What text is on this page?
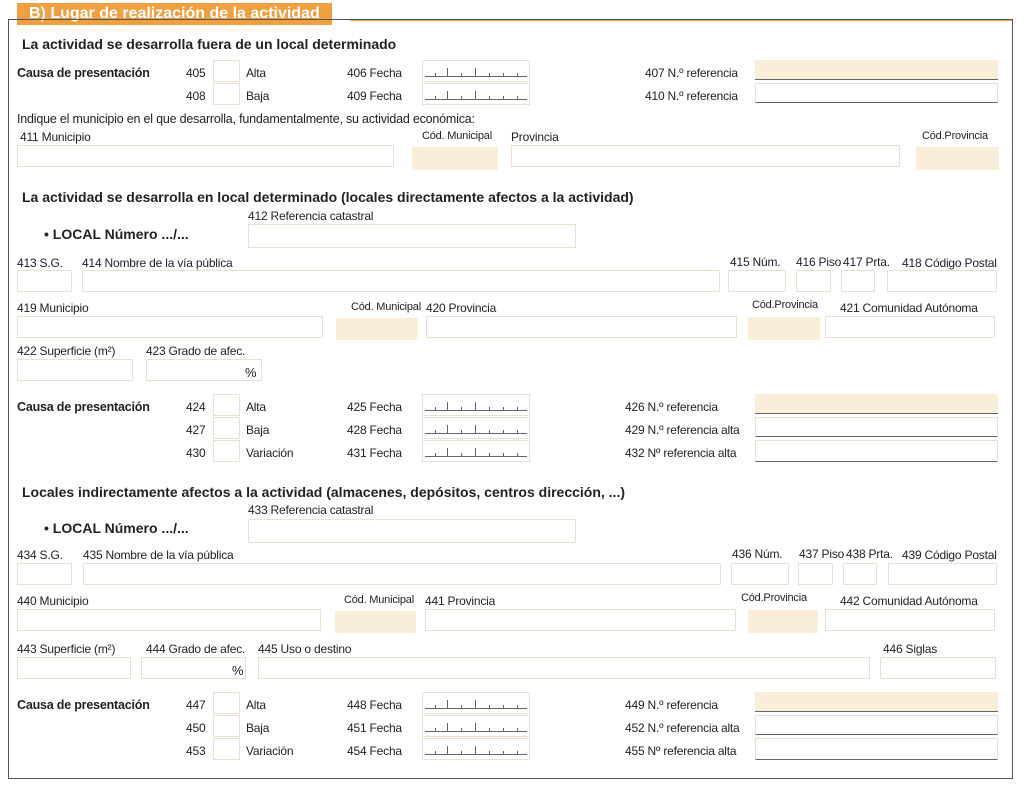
B) Lugar de realización de la actividad
La actividad se desarrolla fuera de un local determinado
Causa de presentación	405	Alta	406 Fecha	407 N.º referencia
408	Baja	409 Fecha	410 N.º referencia
Indique el municipio en el que desarrolla, fundamentalmente, su actividad económica:
411 Municipio	Cód. Municipal Provincia	Cód.Provincia
La actividad se desarrolla en local determinado (locales directamente afectos a la actividad)
• LOCAL Número .../...
412 Referencia catastral
413 S.G. 414 Nombre de la vía pública	415 Núm. 416 Piso 417 Prta. 418 Código Postal
419 Municipio	Cód. Municipal 420 Provincia	Cód.Provincia 421 Comunidad Autónoma
422 Superficie (m²)	423 Grado de afec.
%
Causa de presentación	424	Alta	425 Fecha	426 N.º referencia
427	Baja	428 Fecha	429 N.º referencia alta
430	Variación	431 Fecha	432 Nº referencia alta
Locales indirectamente afectos a la actividad (almacenes, depósitos, centros dirección, ...)
• LOCAL Número .../...
433 Referencia catastral
434 S.G. 435 Nombre de la vía pública	436 Núm. 437 Piso 438 Prta. 439 Código Postal
440 Municipio	Cód. Municipal 441 Provincia	Cód.Provincia	442 Comunidad Autónoma
443 Superficie (m²)	444 Grado de afec.
%
445 Uso o destino	446 Siglas
Causa de presentación	447	Alta	448 Fecha	449 N.º referencia
450	Baja	451 Fecha	452 N.º referencia alta
453	Variación	454 Fecha	455 Nº referencia alta
